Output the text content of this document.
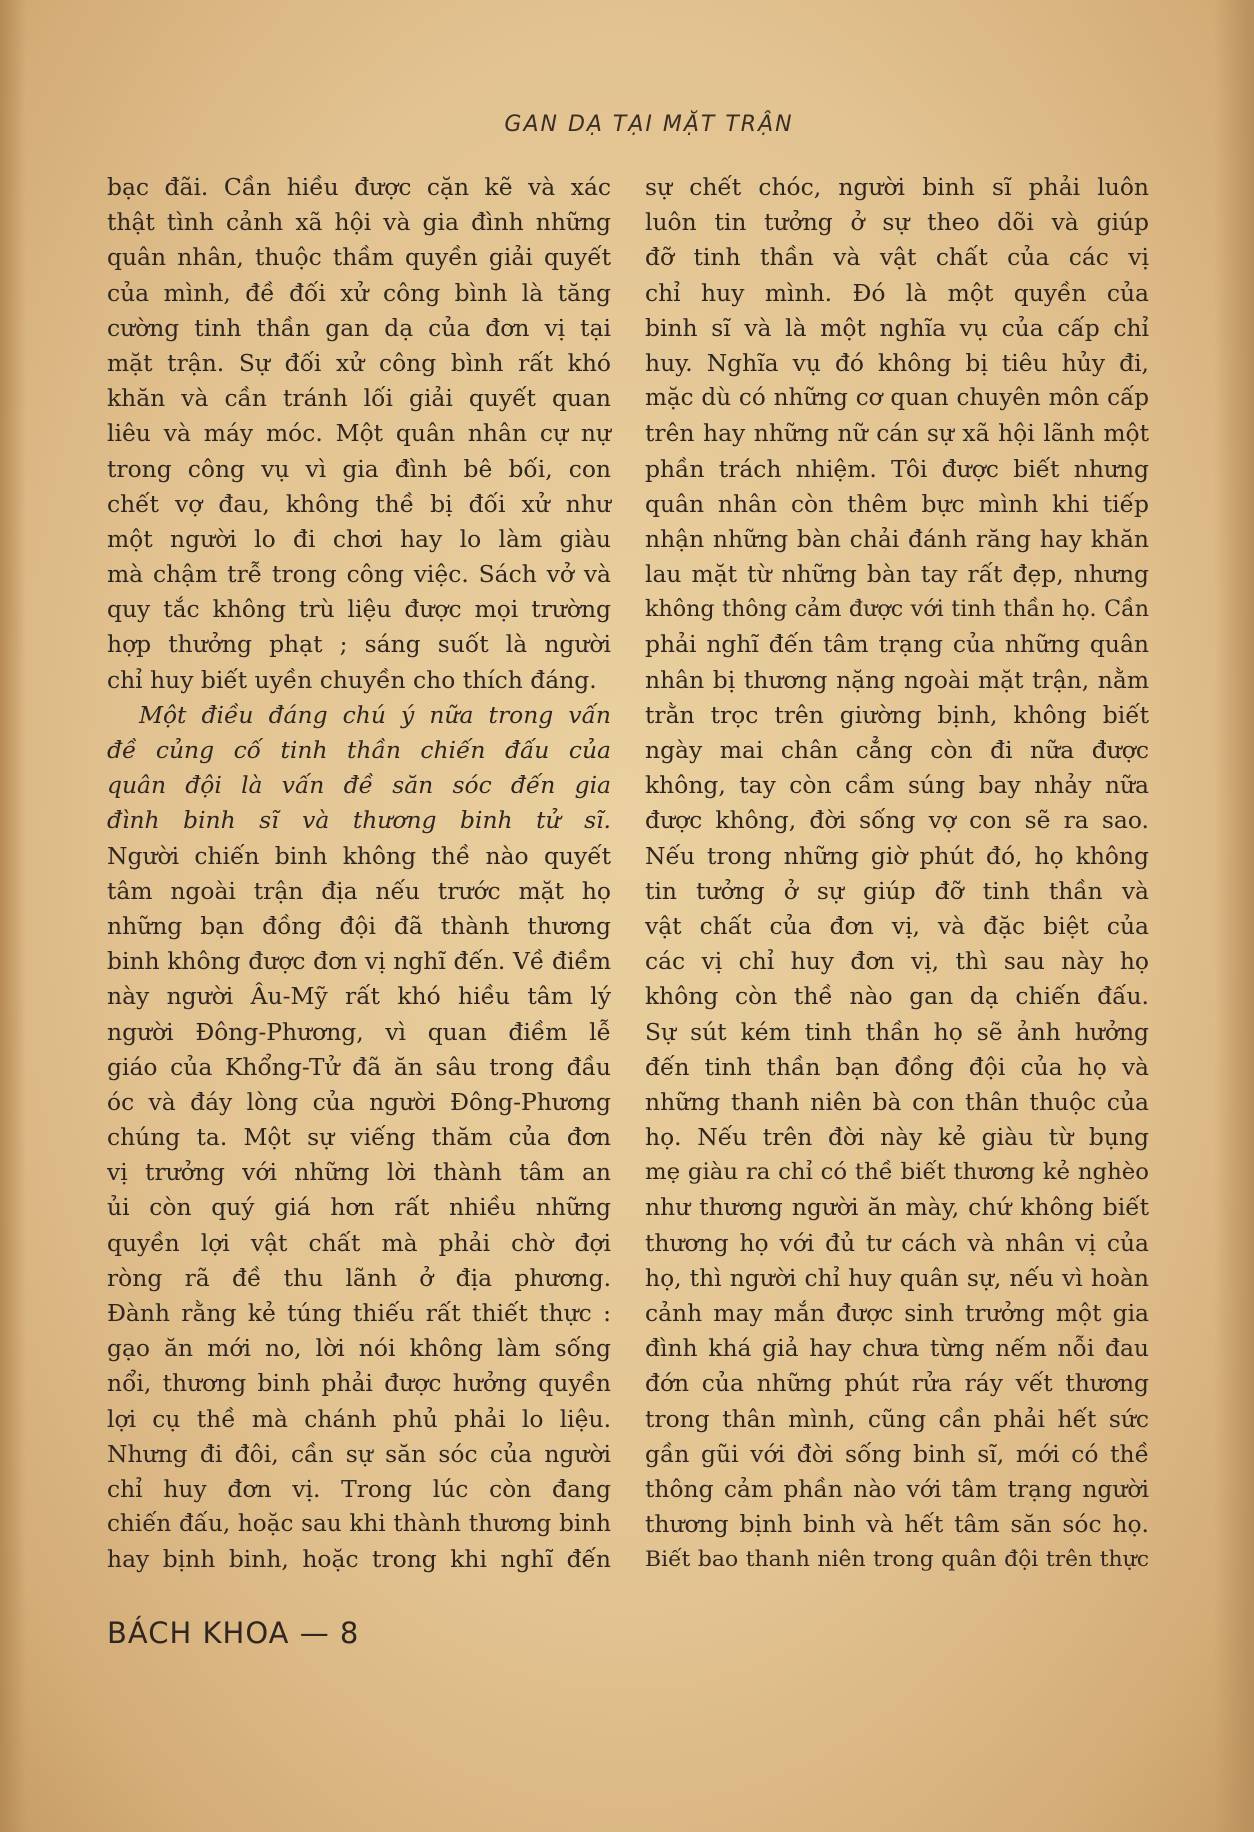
GAN DẠ TẠI MẶT TRẬN
bạc đãi. Cần hiều được cặn kẽ và xác
thật tình cảnh xã hội và gia đình những
quân nhân, thuộc thầm quyền giải quyết
của mình, đề đối xử công bình là tăng
cường tinh thần gan dạ của đơn vị tại
mặt trận. Sự đối xử công bình rất khó
khăn và cần tránh lối giải quyết quan
liêu và máy móc. Một quân nhân cự nự
trong công vụ vì gia đình bê bối, con
chết vợ đau, không thề bị đối xử như
một người lo đi chơi hay lo làm giàu
mà chậm trễ trong công việc. Sách vở và
quy tắc không trù liệu được mọi trường
hợp thưởng phạt ; sáng suốt là người
chỉ huy biết uyền chuyền cho thích đáng.
Một điều đáng chú ý nữa trong vấn
đề củng cố tinh thần chiến đấu của
quân đội là vấn đề săn sóc đến gia
đình binh sĩ và thương binh tử sĩ.
Người chiến binh không thề nào quyết
tâm ngoài trận địa nếu trước mặt họ
những bạn đồng đội đã thành thương
binh không được đơn vị nghĩ đến. Về điềm
này người Âu-Mỹ rất khó hiều tâm lý
người Đông-Phương, vì quan điềm lễ
giáo của Khổng-Tử đã ăn sâu trong đầu
óc và đáy lòng của người Đông-Phương
chúng ta. Một sự viếng thăm của đơn
vị trưởng với những lời thành tâm an
ủi còn quý giá hơn rất nhiều những
quyền lợi vật chất mà phải chờ đợi
ròng rã đề thu lãnh ở địa phương.
Đành rằng kẻ túng thiếu rất thiết thực :
gạo ăn mới no, lời nói không làm sống
nổi, thương binh phải được hưởng quyền
lợi cụ thề mà chánh phủ phải lo liệu.
Nhưng đi đôi, cần sự săn sóc của người
chỉ huy đơn vị. Trong lúc còn đang
chiến đấu, hoặc sau khi thành thương binh
hay bịnh binh, hoặc trong khi nghĩ đến
sự chết chóc, người binh sĩ phải luôn
luôn tin tưởng ở sự theo dõi và giúp
đỡ tinh thần và vật chất của các vị
chỉ huy mình. Đó là một quyền của
binh sĩ và là một nghĩa vụ của cấp chỉ
huy. Nghĩa vụ đó không bị tiêu hủy đi,
mặc dù có những cơ quan chuyên môn cấp
trên hay những nữ cán sự xã hội lãnh một
phần trách nhiệm. Tôi được biết nhưng
quân nhân còn thêm bực mình khi tiếp
nhận những bàn chải đánh răng hay khăn
lau mặt từ những bàn tay rất đẹp, nhưng
không thông cảm được với tinh thần họ. Cần
phải nghĩ đến tâm trạng của những quân
nhân bị thương nặng ngoài mặt trận, nằm
trằn trọc trên giường bịnh, không biết
ngày mai chân cẳng còn đi nữa được
không, tay còn cầm súng bay nhảy nữa
được không, đời sống vợ con sẽ ra sao.
Nếu trong những giờ phút đó, họ không
tin tưởng ở sự giúp đỡ tinh thần và
vật chất của đơn vị, và đặc biệt của
các vị chỉ huy đơn vị, thì sau này họ
không còn thề nào gan dạ chiến đấu.
Sự sút kém tinh thần họ sẽ ảnh hưởng
đến tinh thần bạn đồng đội của họ và
những thanh niên bà con thân thuộc của
họ. Nếu trên đời này kẻ giàu từ bụng
mẹ giàu ra chỉ có thề biết thương kẻ nghèo
như thương người ăn mày, chứ không biết
thương họ với đủ tư cách và nhân vị của
họ, thì người chỉ huy quân sự, nếu vì hoàn
cảnh may mắn được sinh trưởng một gia
đình khá giả hay chưa từng nếm nỗi đau
đớn của những phút rửa ráy vết thương
trong thân mình, cũng cần phải hết sức
gần gũi với đời sống binh sĩ, mới có thề
thông cảm phần nào với tâm trạng người
thương bịnh binh và hết tâm săn sóc họ.
Biết bao thanh niên trong quân đội trên thực
BÁCH KHOA — 8
